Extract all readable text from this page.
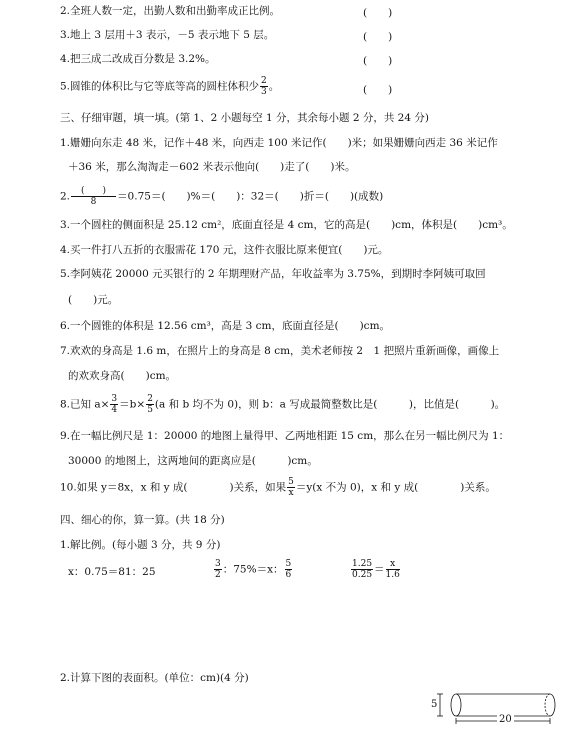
2.全班人数一定，出勤人数和出勤率成正比例。	(　　)
3.地上 3 层用＋3 表示，－5 表示地下 5 层。	(　　)
4.把三成二改成百分数是 3.2%。	(　　)
5.圆锥的体积比与它等底等高的圆柱体积少 $\frac{2}{3}$ 。	(　　)
三、仔细审题，填一填。(第 1、2 小题每空 1 分，其余每小题 2 分，共 24 分)
1.姗姗向东走 48 米，记作＋48 米，向西走 100 米记作(　　)米；如果姗姗向西走 36 米记作
＋36 米，那么淘淘走－602 米表示他向(　　)走了(　　)米。
2. $\frac{( )}{8} =0.75=$(　　)%＝(　　)：32＝(　　)折＝(　　)(成数)
3.一个圆柱的侧面积是 25.12 cm²，底面直径是 4 cm，它的高是(　　)cm，体积是(　　)cm³。
4.买一件打八五折的衣服需花 170 元，这件衣服比原来便宜(　　)元。
5.李阿姨花 20000 元买银行的 2 年期理财产品，年收益率为 3.75%，到期时李阿姨可取回
(　　)元。
6.一个圆锥的体积是 12.56 cm³，高是 3 cm，底面直径是(　　)cm。
7.欢欢的身高是 1.6 m，在照片上的身高是 8 cm，美术老师按 2　1 把照片重新画像，画像上
的欢欢身高(　　)cm。
8.已知 $a\times \frac{3}{4} =b\times \frac{2}{5} (a$ 和 b 均不为 0)，则 b：a 写成最简整数比是(　　　)，比值是(　　　)。
9.在一幅比例尺是 1：20000 的地图上量得甲、乙两地相距 15 cm，那么在另一幅比例尺为 1：
30000 的地图上，这两地间的距离应是(　　　)cm。
10.如果 y＝8x，x 和 y 成(　　　　)关系，如果 $\frac{5}{x} =y(x$ 不为 0)，x 和 y 成(　　　　)关系。
四、细心的你，算一算。(共 18 分)
1.解比例。(每小题 3 分，共 9 分)
x：0.75＝81：25	$\frac{3}{2}$ ：75%＝x： $\frac{5}{6}$	$\frac{1.25}{0.25} = \frac{x}{1.6}$
2.计算下图的表面积。(单位：cm)(4 分)
5
20
